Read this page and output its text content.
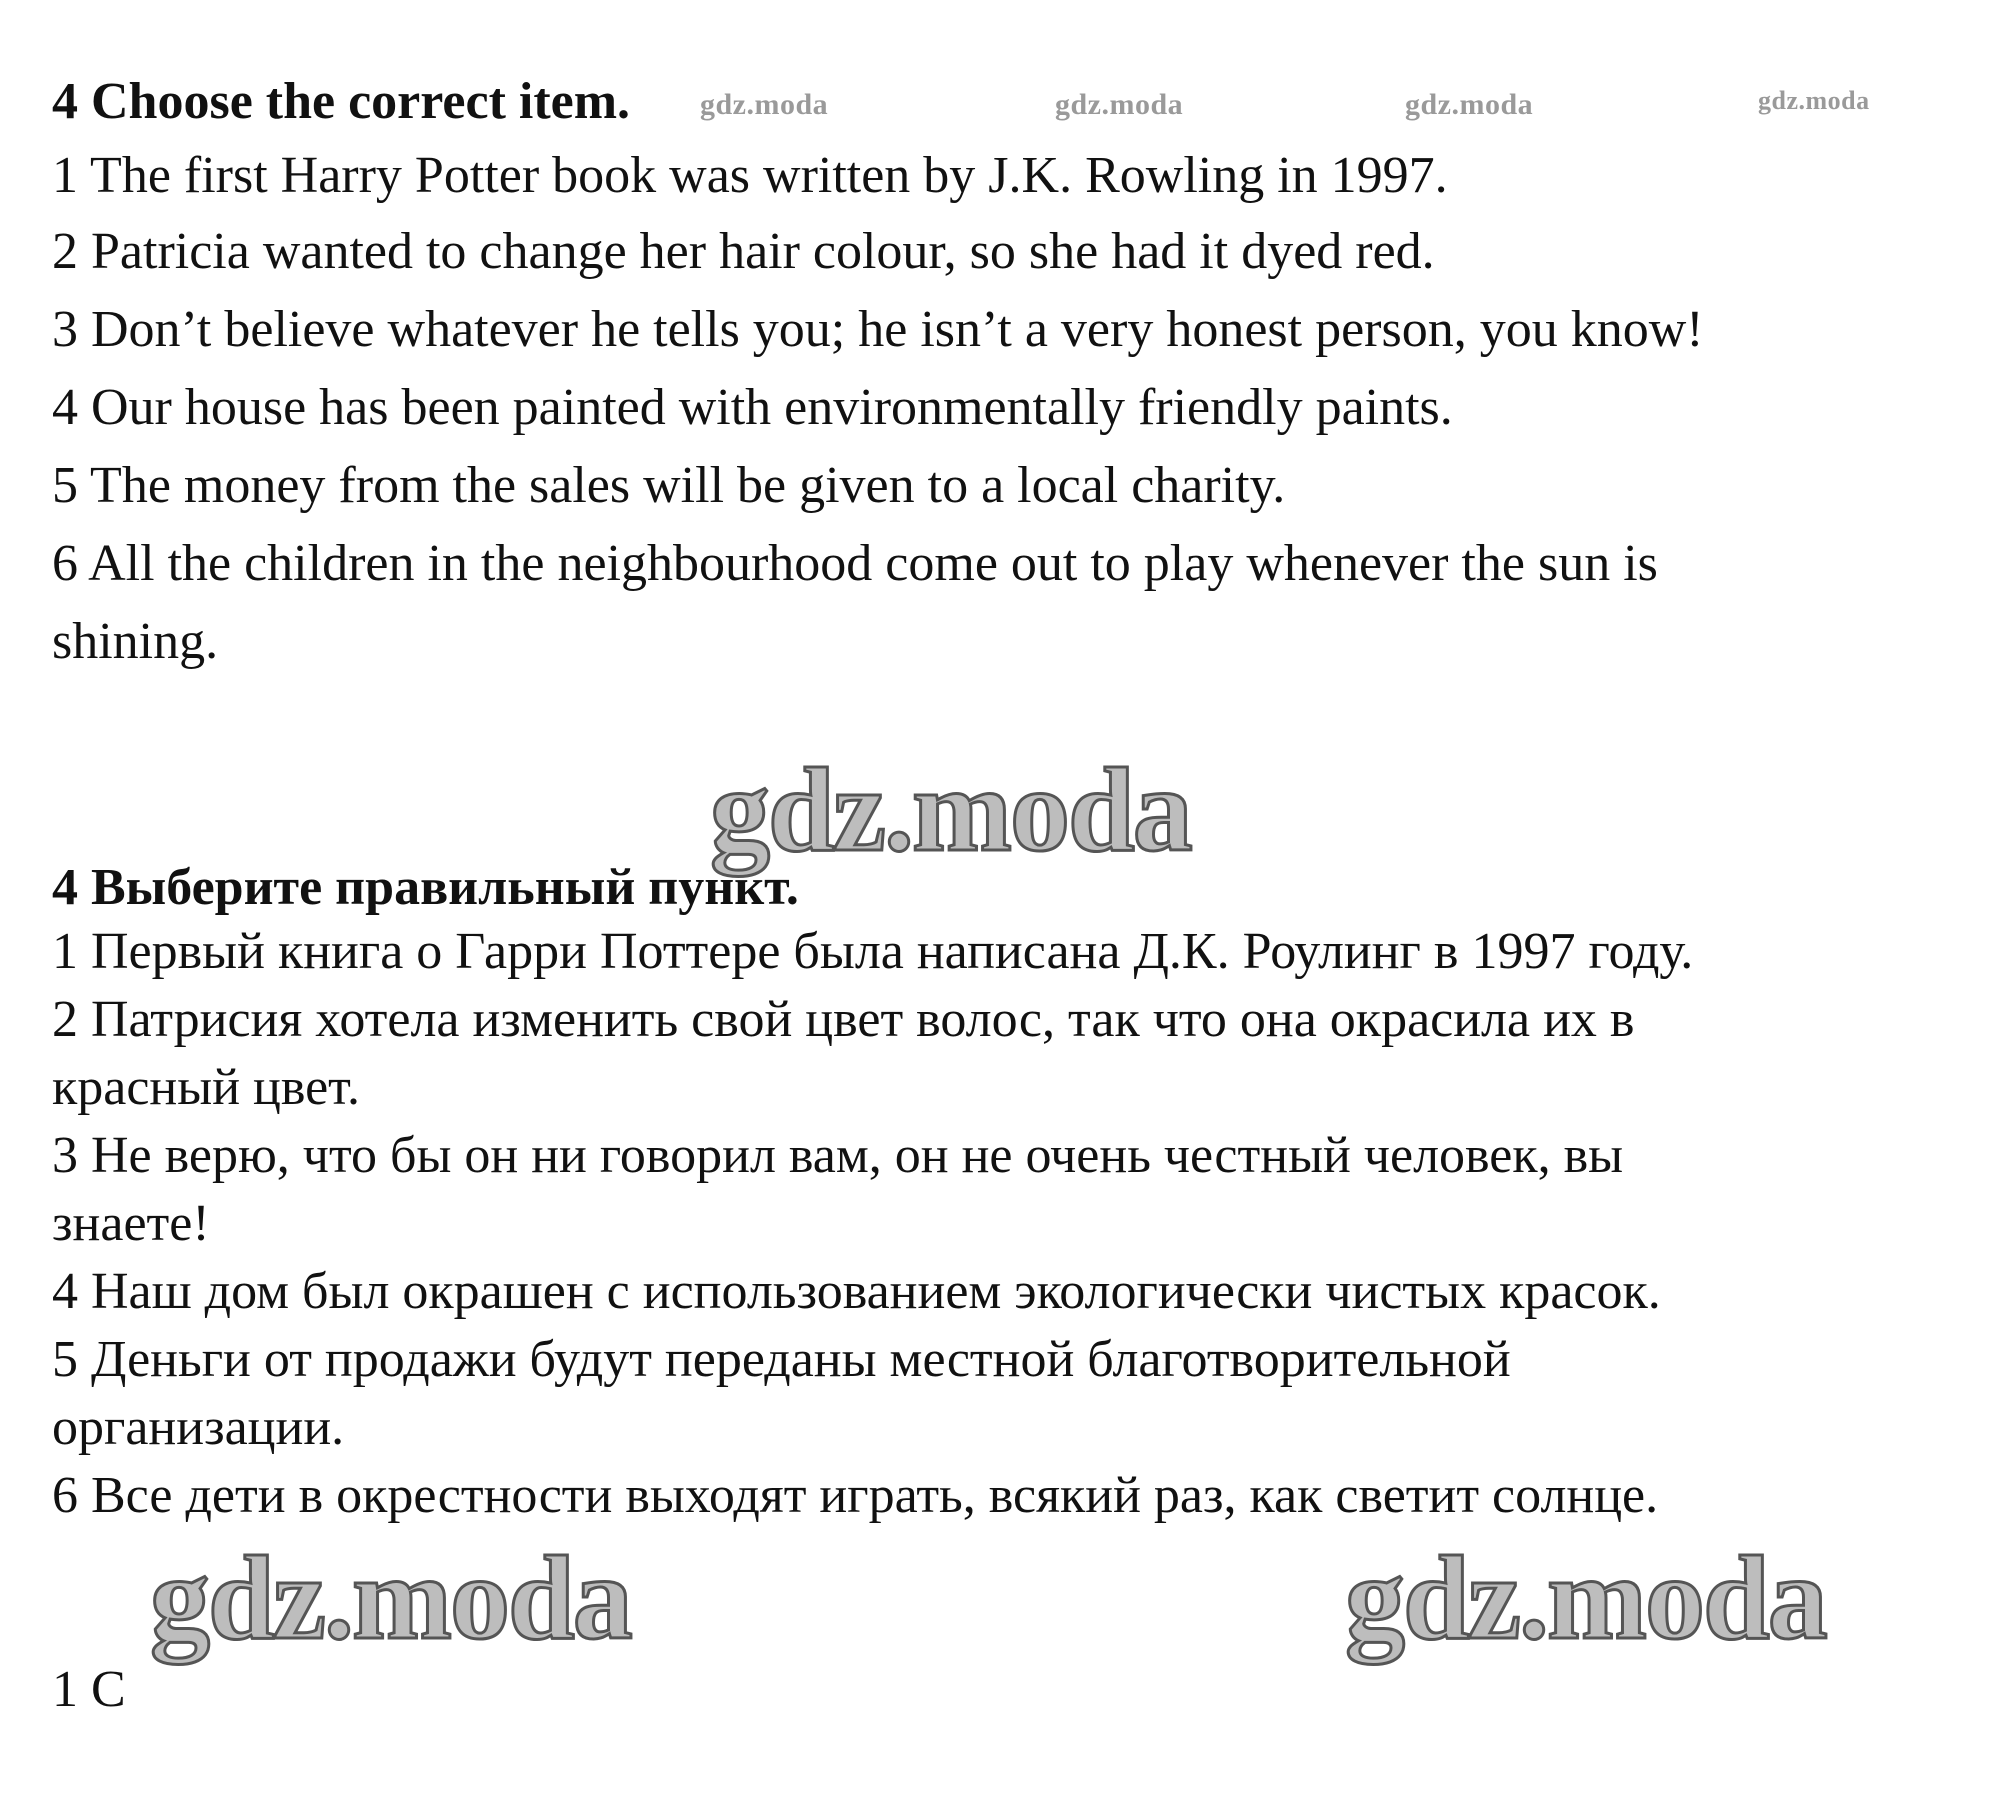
4 Choose the correct item.
1 The first Harry Potter book was written by J.K. Rowling in 1997.
2 Patricia wanted to change her hair colour, so she had it dyed red.
3 Don’t believe whatever he tells you; he isn’t a very honest person, you know!
4 Our house has been painted with environmentally friendly paints.
5 The money from the sales will be given to a local charity.
6 All the children in the neighbourhood come out to play whenever the sun is
shining.
gdz.moda	gdz.moda	gdz.moda	gdz.moda
gdz.moda
4 Выберите правильный пункт.
1 Первый книга о Гарри Поттере была написана Д.К. Роулинг в 1997 году.
2 Патрисия хотела изменить свой цвет волос, так что она окрасила их в
красный цвет.
3 Не верю, что бы он ни говорил вам, он не очень честный человек, вы
знаете!
4 Наш дом был окрашен с использованием экологически чистых красок.
5 Деньги от продажи будут переданы местной благотворительной
организации.
6 Все дети в окрестности выходят играть, всякий раз, как светит солнце.
gdz.moda	gdz.moda
1 C
